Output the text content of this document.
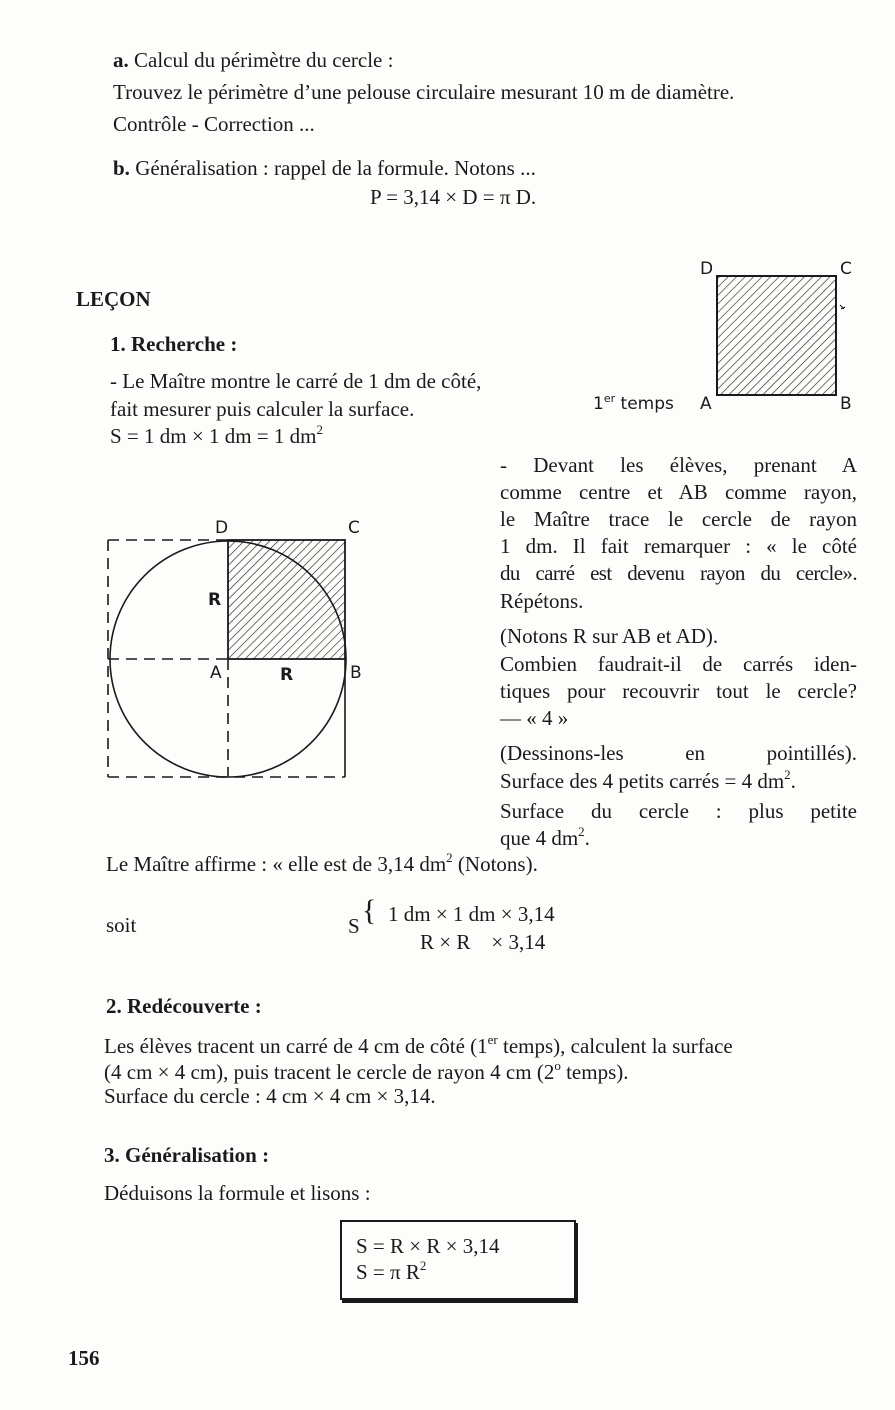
a. Calcul du périmètre du cercle :
Trouvez le périmètre d’une pelouse circulaire mesurant 10 m de diamètre.
Contrôle - Correction ...
b. Généralisation : rappel de la formule. Notons ...
P = 3,14 × D = π D.
LEÇON
1. Recherche :
- Le Maître montre le carré de 1 dm de côté,
fait mesurer puis calculer la surface.
S = 1 dm × 1 dm = 1 $dm^2$
D	C
A	B
1er temps
- Devant les élèves, prenant A
comme centre et AB comme rayon,
le Maître trace le cercle de rayon
1 dm. Il fait remarquer : « le côté
du carré est devenu rayon du cercle».
Répétons.
(Notons R sur AB et AD).
Combien faudrait-il de carrés iden-
tiques pour recouvrir tout le cercle?
— « 4 »
(Dessinons-les en pointillés).
Surface des 4 petits carrés = 4 $dm^2$.
Surface du cercle : plus petite
que 4 $dm^2$.
D	C
A	B
R
R
Le Maître affirme : « elle est de 3,14 $dm^2$ (Notons).
soit	S { 1 dm × 1 dm × 3,14
R × R    × 3,14
2. Redécouverte :
Les élèves tracent un carré de 4 cm de côté (1er temps), calculent la surface
(4 cm × 4 cm), puis tracent le cercle de rayon 4 cm (2$^o$ temps).
Surface du cercle : 4 cm × 4 cm × 3,14.
3. Généralisation :
Déduisons la formule et lisons :
S = R × R × 3,14
S = π $R^2$
156
